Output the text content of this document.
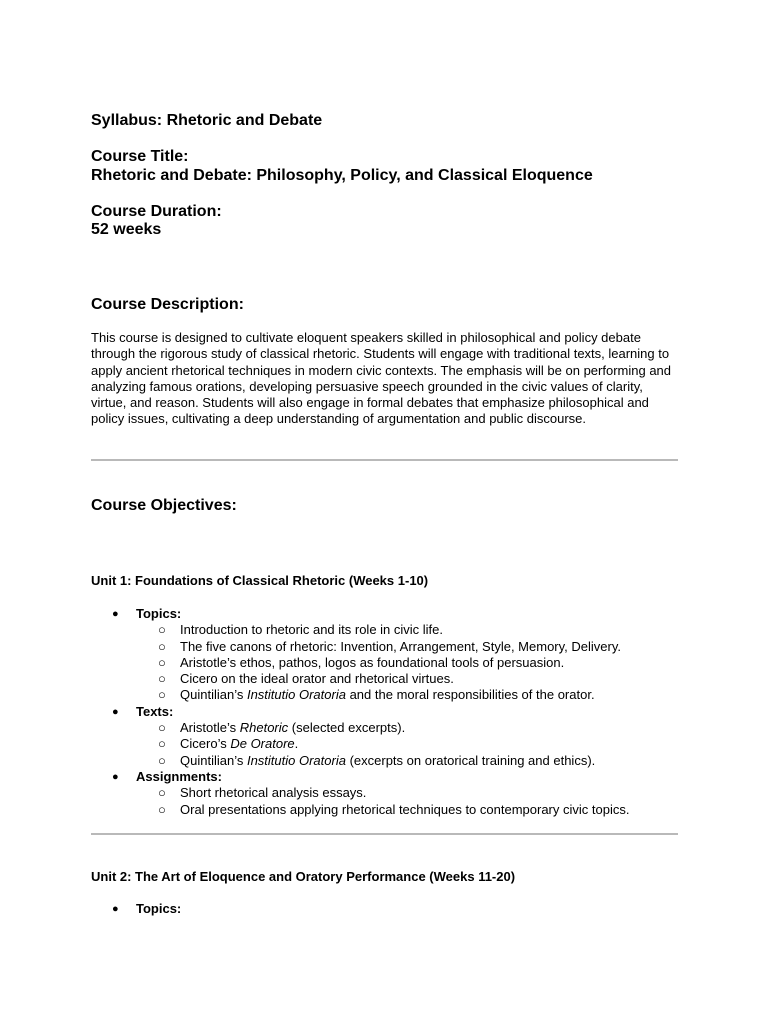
Syllabus: Rhetoric and Debate

Course Title:

Rhetoric and Debate: Philosophy, Policy, and Classical Eloquence

Course Duration:

52 weeks

Course Description:

This course is designed to cultivate eloquent speakers skilled in philosophical and policy debate through the rigorous study of classical rhetoric. Students will engage with traditional texts, learning to apply ancient rhetorical techniques in modern civic contexts. The emphasis will be on performing and analyzing famous orations, developing persuasive speech grounded in the civic values of clarity, virtue, and reason. Students will also engage in formal debates that emphasize philosophical and policy issues, cultivating a deep understanding of argumentation and public discourse.

Course Objectives:

Unit 1: Foundations of Classical Rhetoric (Weeks 1-10)

● Topics:
○ Introduction to rhetoric and its role in civic life.
○ The five canons of rhetoric: Invention, Arrangement, Style, Memory, Delivery.
○ Aristotle’s ethos, pathos, logos as foundational tools of persuasion.
○ Cicero on the ideal orator and rhetorical virtues.
○ Quintilian’s Institutio Oratoria and the moral responsibilities of the orator.
● Texts:
○ Aristotle’s Rhetoric (selected excerpts).
○ Cicero’s De Oratore.
○ Quintilian’s Institutio Oratoria (excerpts on oratorical training and ethics).
● Assignments:
○ Short rhetorical analysis essays.
○ Oral presentations applying rhetorical techniques to contemporary civic topics.

Unit 2: The Art of Eloquence and Oratory Performance (Weeks 11-20)

● Topics:
